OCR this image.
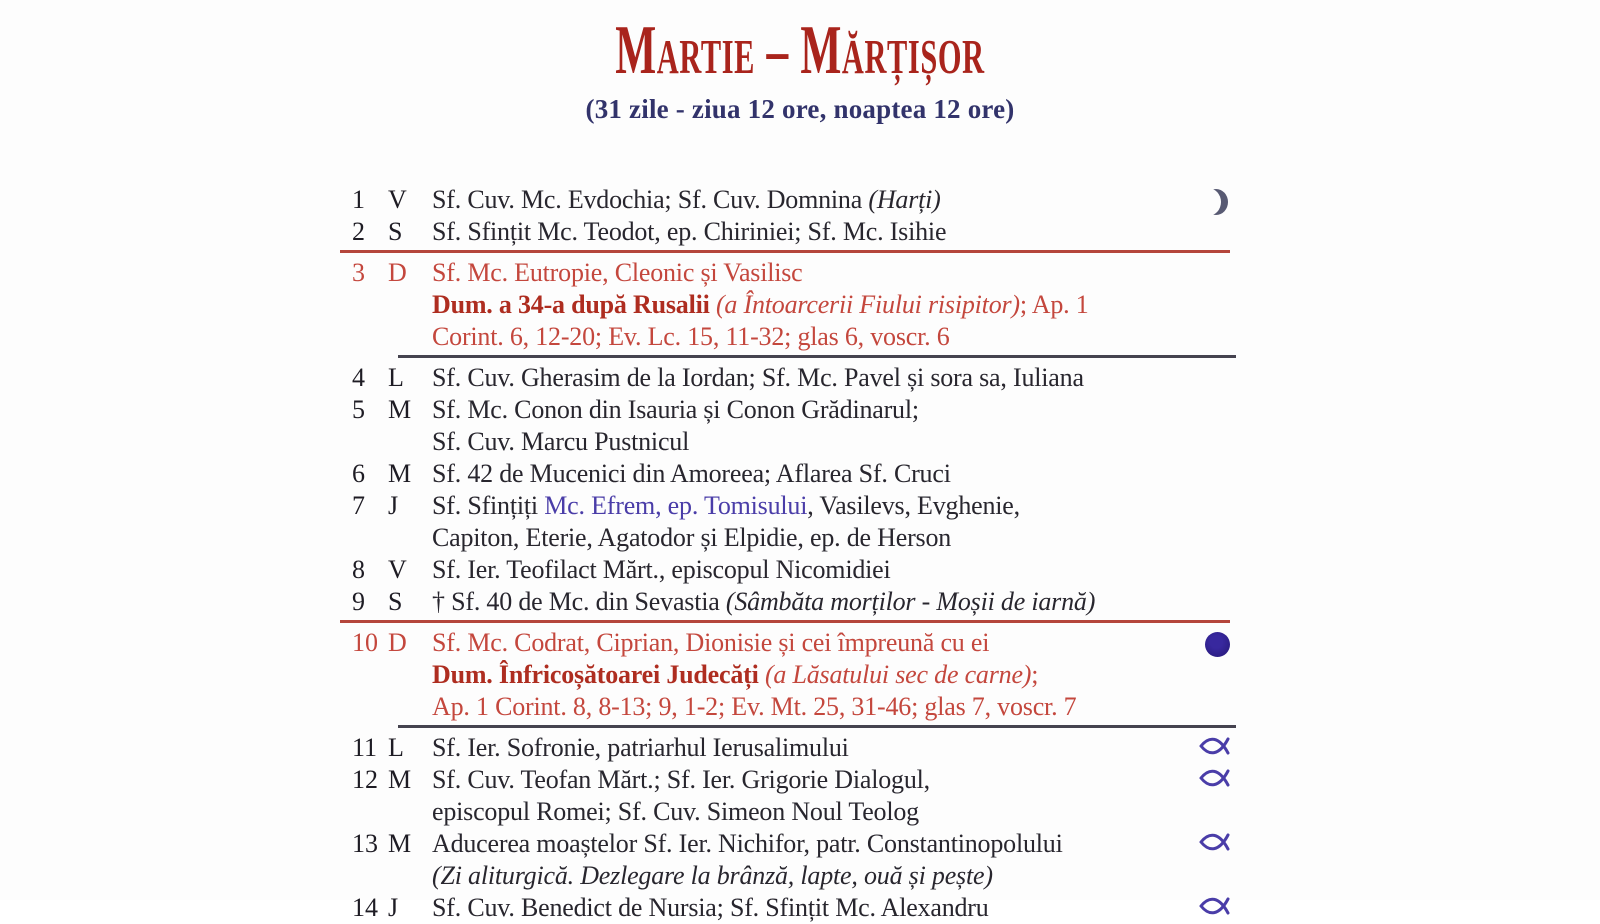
Martie – Mărțișor

(31 zile - ziua 12 ore, noaptea 12 ore)

1 V Sf. Cuv. Mc. Evdochia; Sf. Cuv. Domnina (Harți)
2 S	Sf. Sfințit Mc. Teodot, ep. Chiriniei; Sf. Mc. Isihie
3 D Sf. Mc. Eutropie, Cleonic și Vasilisc
Dum. a 34-a după Rusalii (a Întoarcerii Fiului risipitor); Ap. 1
Corint. 6, 12-20; Ev. Lc. 15, 11-32; glas 6, voscr. 6
4 L	Sf. Cuv. Gherasim de la Iordan; Sf. Mc. Pavel și sora sa, Iuliana
5 M Sf. Mc. Conon din Isauria și Conon Grădinarul;
Sf. Cuv. Marcu Pustnicul
6 M Sf. 42 de Mucenici din Amoreea; Aflarea Sf. Cruci
7 J	Sf. Sfințiți Mc. Efrem, ep. Tomisului, Vasilevs, Evghenie,
Capiton, Eterie, Agatodor și Elpidie, ep. de Herson
8 V Sf. Ier. Teofilact Mărt., episcopul Nicomidiei
9 S	† Sf. 40 de Mc. din Sevastia (Sâmbăta morților - Moșii de iarnă)
10 D Sf. Mc. Codrat, Ciprian, Dionisie și cei împreună cu ei
Dum. Înfricoșătoarei Judecăți (a Lăsatului sec de carne);
Ap. 1 Corint. 8, 8-13; 9, 1-2; Ev. Mt. 25, 31-46; glas 7, voscr. 7
11 L	Sf. Ier. Sofronie, patriarhul Ierusalimului
12 M Sf. Cuv. Teofan Mărt.; Sf. Ier. Grigorie Dialogul,
episcopul Romei; Sf. Cuv. Simeon Noul Teolog
13 M Aducerea moaștelor Sf. Ier. Nichifor, patr. Constantinopolului
(Zi aliturgică. Dezlegare la brânză, lapte, ouă și pește)
14 J	Sf. Cuv. Benedict de Nursia; Sf. Sfințit Mc. Alexandru
